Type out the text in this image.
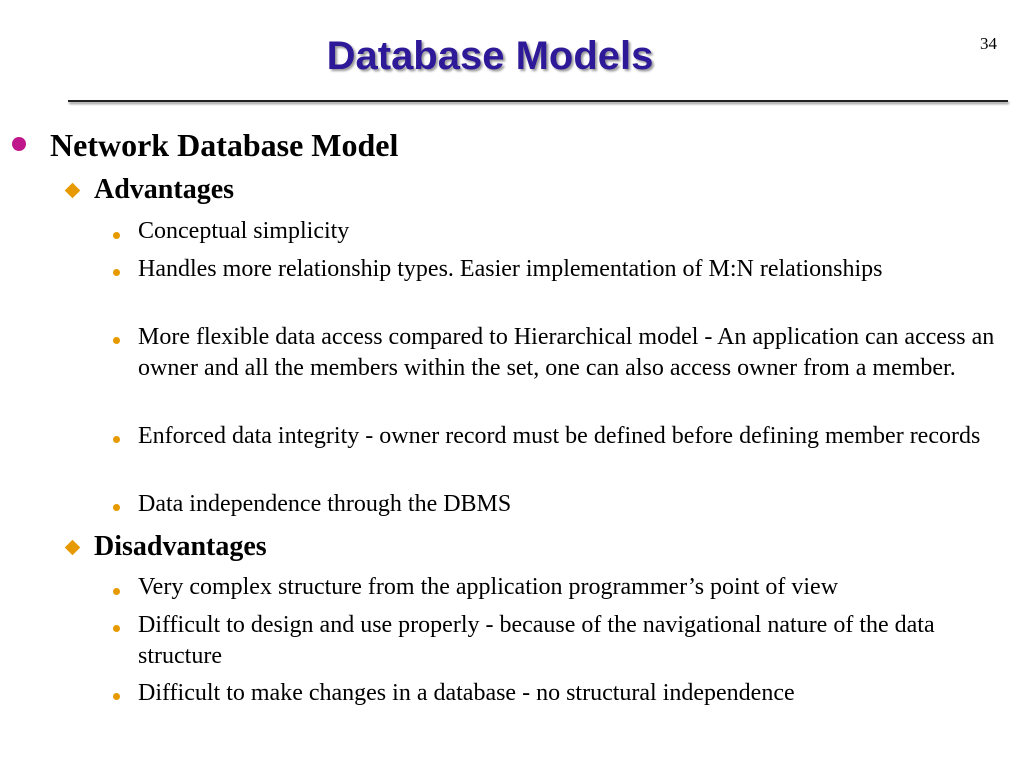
Database Models	34
Network Database Model
Advantages
Conceptual simplicity
Handles more relationship types. Easier implementation of M:N relationships
More flexible data access compared to Hierarchical model - An application can access an owner and all the members within the set, one can also access owner from a member.
Enforced data integrity - owner record must be defined before defining member records
Data independence through the DBMS
Disadvantages
Very complex structure from the application programmer’s point of view
Difficult to design and use properly - because of the navigational nature of the data structure
Difficult to make changes in a database - no structural independence
